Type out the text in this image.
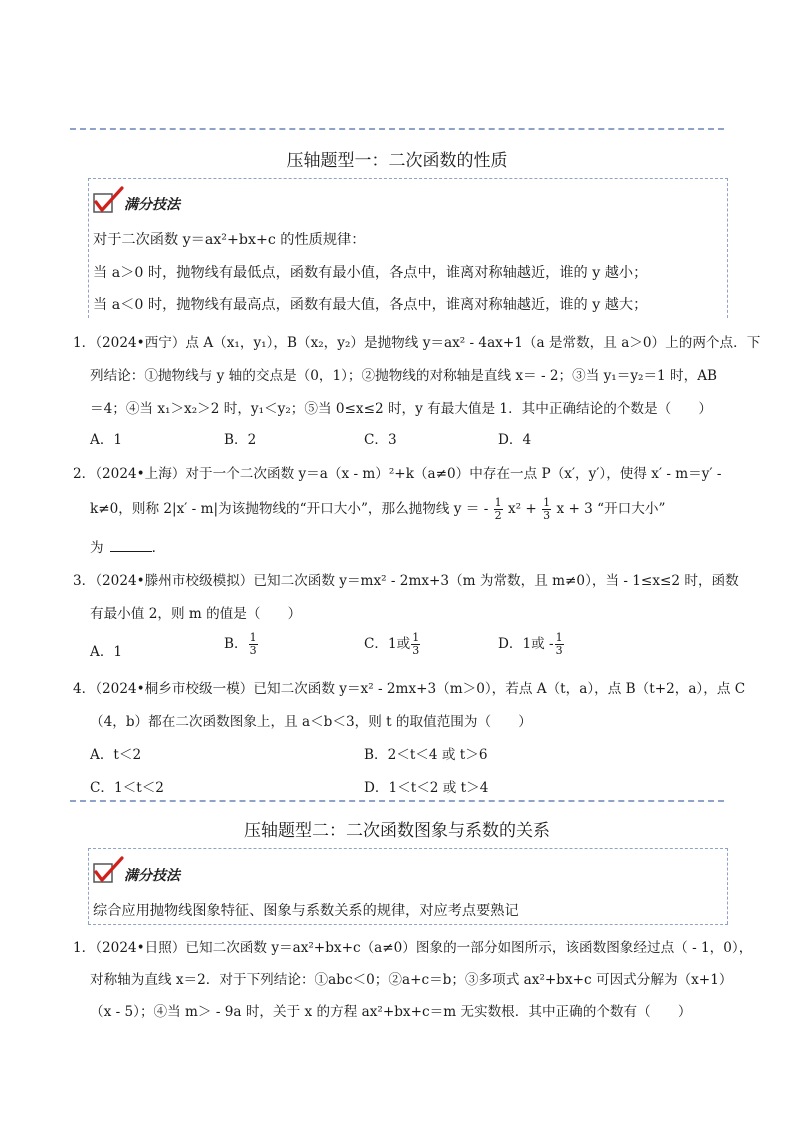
压轴题型一：二次函数的性质
满分技法
对于二次函数 y＝ax²+bx+c 的性质规律：
当 a＞0 时，抛物线有最低点，函数有最小值，各点中，谁离对称轴越近，谁的 y 越小；
当 a＜0 时，抛物线有最高点，函数有最大值，各点中，谁离对称轴越近，谁的 y 越大；
1．（2024•西宁）点 A（x₁，y₁），B（x₂，y₂）是抛物线 y＝ax² - 4ax+1（a 是常数，且 a＞0）上的两个点．下
列结论：①抛物线与 y 轴的交点是（0，1）；②抛物线的对称轴是直线 x＝ - 2；③当 y₁＝y₂＝1 时，AB
＝4；④当 x₁＞x₂＞2 时，y₁＜y₂；⑤当 0≤x≤2 时，y 有最大值是 1．其中正确结论的个数是（　　）
A．1	B．2	C．3	D．4
2．（2024•上海）对于一个二次函数 y＝a（x - m）²+k（a≠0）中存在一点 P（x′，y′），使得 x′ - m＝y′ -
k≠0，则称 2|x′ - m|为该抛物线的“开口大小”，那么抛物线 y ＝ - $\frac{1}{2} x^2 + \frac{1}{3}$ x + 3 “开口大小”
为	．
3．（2024•滕州市校级模拟）已知二次函数 y＝mx² - 2mx+3（m 为常数，且 m≠0），当 - 1≤x≤2 时，函数
有最小值 2，则 m 的值是（　　）
A．1	B． $\frac{1}{3}$	C．1或 $\frac{1}{3}$	D．1或 - $\frac{1}{3}$
4．（2024•桐乡市校级一模）已知二次函数 y＝x² - 2mx+3（m＞0），若点 A（t，a），点 B（t+2，a），点 C
（4，b）都在二次函数图象上，且 a＜b＜3，则 t 的取值范围为（　　）
A．t＜2	B．2＜t＜4 或 t＞6
C．1＜t＜2	D．1＜t＜2 或 t＞4
压轴题型二：二次函数图象与系数的关系
满分技法
综合应用抛物线图象特征、图象与系数关系的规律，对应考点要熟记
1．（2024•日照）已知二次函数 y＝ax²+bx+c（a≠0）图象的一部分如图所示，该函数图象经过点（ - 1，0），
对称轴为直线 x＝2．对于下列结论：①abc＜0；②a+c＝b；③多项式 ax²+bx+c 可因式分解为（x+1）
（x - 5）；④当 m＞ - 9a 时，关于 x 的方程 ax²+bx+c＝m 无实数根．其中正确的个数有（　　）
